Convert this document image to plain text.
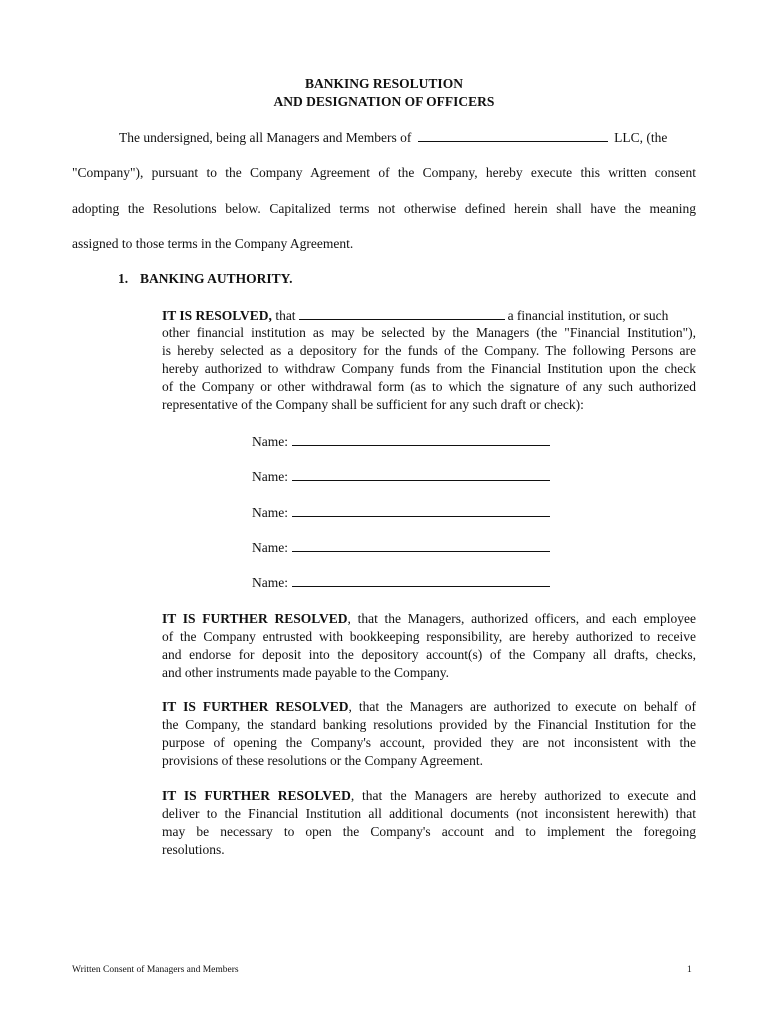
BANKING RESOLUTION
AND DESIGNATION OF OFFICERS
The undersigned, being all Managers and Members of	LLC, (the
"Company"), pursuant to the Company Agreement of the Company, hereby execute this written consent
adopting the Resolutions below. Capitalized terms not otherwise defined herein shall have the meaning
assigned to those terms in the Company Agreement.
1. BANKING AUTHORITY.
IT IS RESOLVED, that	a financial institution, or such
other financial institution as may be selected by the Managers (the "Financial Institution"),
is hereby selected as a depository for the funds of the Company. The following Persons are
hereby authorized to withdraw Company funds from the Financial Institution upon the check
of the Company or other withdrawal form (as to which the signature of any such authorized
representative of the Company shall be sufficient for any such draft or check):
Name:
Name:
Name:
Name:
Name:
IT IS FURTHER RESOLVED, that the Managers, authorized officers, and each employee
of the Company entrusted with bookkeeping responsibility, are hereby authorized to receive
and endorse for deposit into the depository account(s) of the Company all drafts, checks,
and other instruments made payable to the Company.
IT IS FURTHER RESOLVED, that the Managers are authorized to execute on behalf of
the Company, the standard banking resolutions provided by the Financial Institution for the
purpose of opening the Company's account, provided they are not inconsistent with the
provisions of these resolutions or the Company Agreement.
IT IS FURTHER RESOLVED, that the Managers are hereby authorized to execute and
deliver to the Financial Institution all additional documents (not inconsistent herewith) that
may be necessary to open the Company's account and to implement the foregoing
resolutions.
Written Consent of Managers and Members	1
